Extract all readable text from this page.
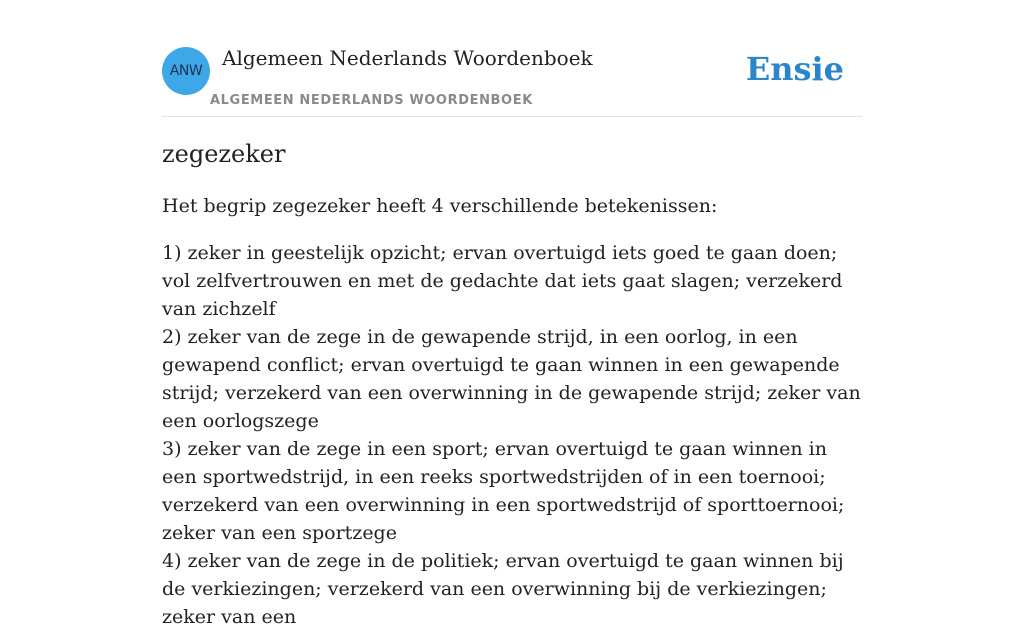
ANW
Algemeen Nederlands Woordenboek
ALGEMEEN NEDERLANDS WOORDENBOEK
Ensie
zegezeker

Het begrip zegezeker heeft 4 verschillende betekenissen:

1) zeker in geestelijk opzicht; ervan overtuigd iets goed te gaan doen; vol zelfvertrouwen en met de gedachte dat iets gaat slagen; verzekerd van zichzelf
2) zeker van de zege in de gewapende strijd, in een oorlog, in een gewapend conflict; ervan overtuigd te gaan winnen in een gewapende strijd; verzekerd van een overwinning in de gewapende strijd; zeker van een oorlogszege
3) zeker van de zege in een sport; ervan overtuigd te gaan winnen in een sportwedstrijd, in een reeks sportwedstrijden of in een toernooi; verzekerd van een overwinning in een sportwedstrijd of sporttoernooi; zeker van een sportzege
4) zeker van de zege in de politiek; ervan overtuigd te gaan winnen bij de verkiezingen; verzekerd van een overwinning bij de verkiezingen; zeker van een
